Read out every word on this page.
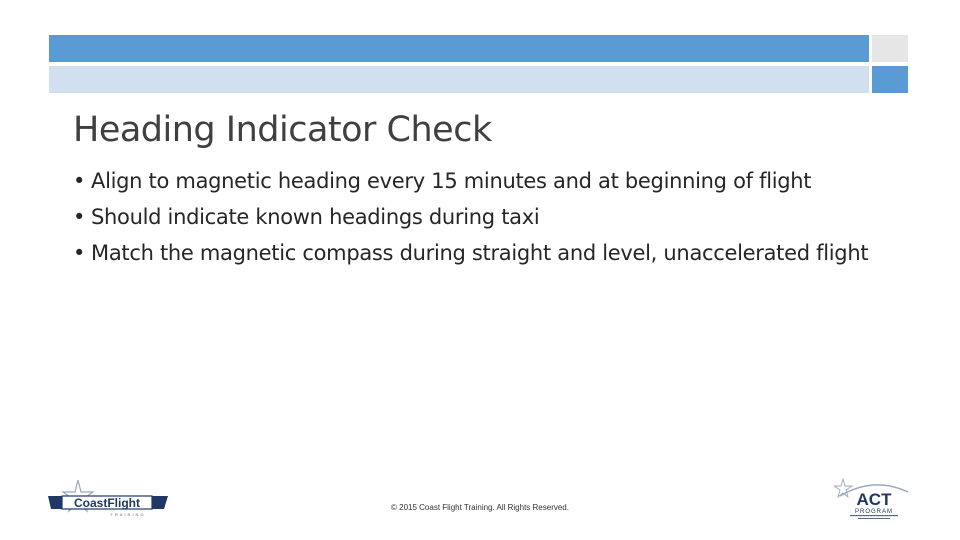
Heading Indicator Check
• Align to magnetic heading every 15 minutes and at beginning of flight
• Should indicate known headings during taxi
• Match the magnetic compass during straight and level, unaccelerated flight
CoastFlight
TRAINING
© 2015 Coast Flight Training. All Rights Reserved.	ACT
PROGRAM
